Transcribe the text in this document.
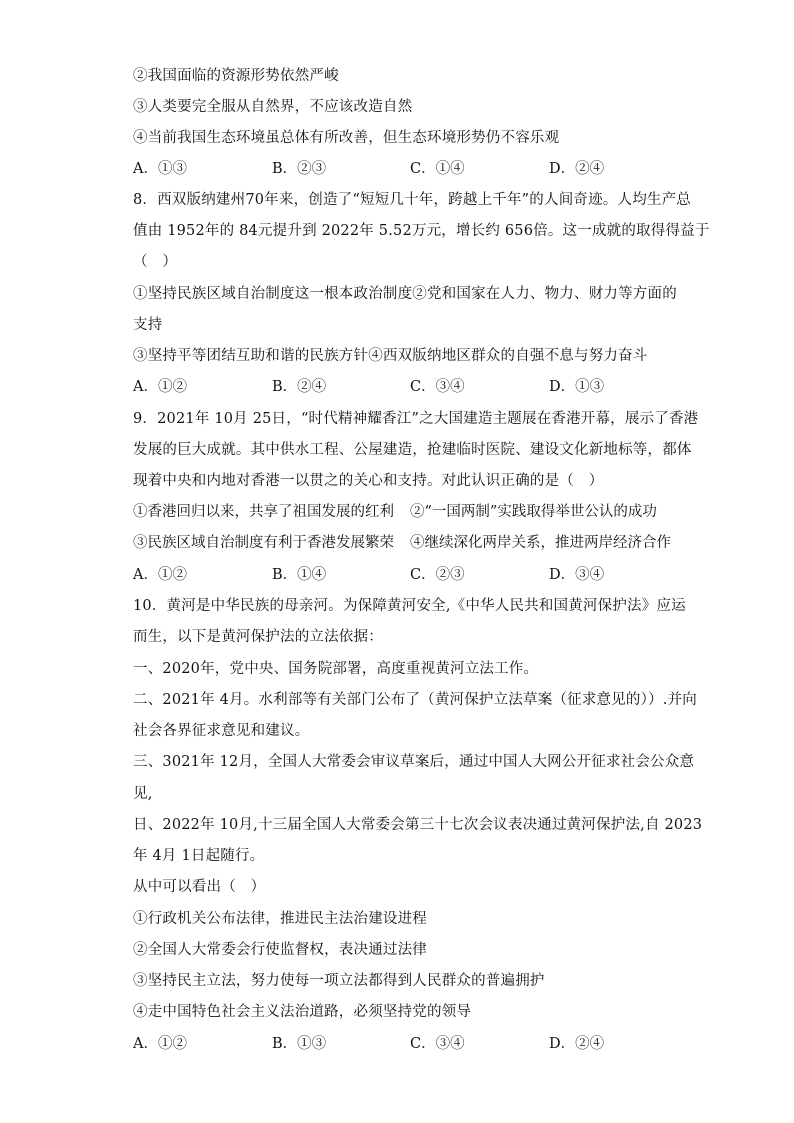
②我国面临的资源形势依然严峻
③人类要完全服从自然界，不应该改造自然
④当前我国生态环境虽总体有所改善，但生态环境形势仍不容乐观
A．①③	B．②③	C．①④	D．②④
8．西双版纳建州70年来，创造了“短短几十年，跨越上千年”的人间奇迹。人均生产总
值由 1952年的 84元提升到 2022年 5.52万元，增长约 656倍。这一成就的取得得益于
（　）
①坚持民族区域自治制度这一根本政治制度②党和国家在人力、物力、财力等方面的
支持
③坚持平等团结互助和谐的民族方针④西双版纳地区群众的自强不息与努力奋斗
A．①②	B．②④	C．③④	D．①③
9．2021年 10月 25日，“时代精神耀香江”之大国建造主题展在香港开幕，展示了香港
发展的巨大成就。其中供水工程、公屋建造，抢建临时医院、建设文化新地标等，都体
现着中央和内地对香港一以贯之的关心和支持。对此认识正确的是（　）
①香港回归以来，共享了祖国发展的红利 ②“一国两制”实践取得举世公认的成功
③民族区域自治制度有利于香港发展繁荣 ④继续深化两岸关系，推进两岸经济合作
A．①②	B．①④	C．②③	D．③④
10．黄河是中华民族的母亲河。为保障黄河安全,《中华人民共和国黄河保护法》应运
而生，以下是黄河保护法的立法依据：
一、2020年，党中央、国务院部署，高度重视黄河立法工作。
二、2021年 4月。水利部等有关部门公布了（黄河保护立法草案（征求意见的））.并向
社会各界征求意见和建议。
三、3021年 12月，全国人大常委会审议草案后，通过中国人大网公开征求社会公众意
见,
日、2022年 10月,十三届全国人大常委会第三十七次会议表决通过黄河保护法,自 2023
年 4月 1日起随行。
从中可以看出（　）
①行政机关公布法律，推进民主法治建设进程
②全国人大常委会行使监督权，表决通过法律
③坚持民主立法，努力使每一项立法都得到人民群众的普遍拥护
④走中国特色社会主义法治道路，必须坚持党的领导
A．①②	B．①③	C．③④	D．②④
